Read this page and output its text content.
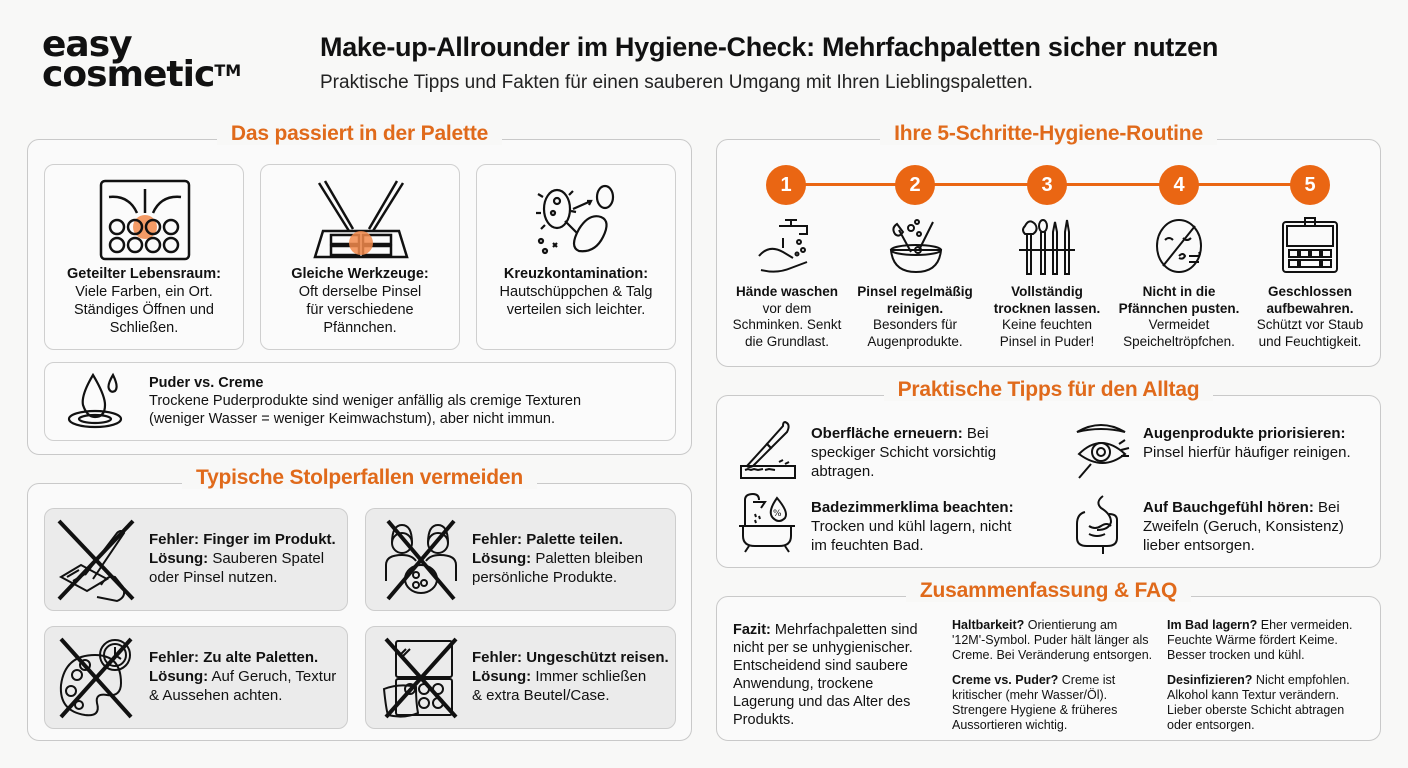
easy
cosmetic™
Make-up-Allrounder im Hygiene-Check: Mehrfachpaletten sicher nutzen
Praktische Tipps und Fakten für einen sauberen Umgang mit Ihren Lieblingspaletten.
Das passiert in der Palette
Geteilter Lebensraum:
Viele Farben, ein Ort.
Ständiges Öffnen und
Schließen.
Gleiche Werkzeuge:
Oft derselbe Pinsel
für verschiedene
Pfännchen.
Kreuzkontamination:
Hautschüppchen & Talg
verteilen sich leichter.
Puder vs. Creme
Trockene Puderprodukte sind weniger anfällig als cremige Texturen
(weniger Wasser = weniger Keimwachstum), aber nicht immun.
Typische Stolperfallen vermeiden
Fehler: Finger im Produkt.
Lösung: Sauberen Spatel
oder Pinsel nutzen.
Fehler: Palette teilen.
Lösung: Paletten bleiben
persönliche Produkte.
Fehler: Zu alte Paletten.
Lösung: Auf Geruch, Textur
& Aussehen achten.
Fehler: Ungeschützt reisen.
Lösung: Immer schließen
& extra Beutel/Case.
Ihre 5-Schritte-Hygiene-Routine
1
Hände waschen
vor dem
Schminken. Senkt
die Grundlast.
2
Pinsel regelmäßig
reinigen.
Besonders für
Augenprodukte.
3
Vollständig
trocknen lassen.
Keine feuchten
Pinsel in Puder!
4
Nicht in die
Pfännchen pusten.
Vermeidet
Speicheltröpfchen.
5
Geschlossen
aufbewahren.
Schützt vor Staub
und Feuchtigkeit.
Praktische Tipps für den Alltag
Oberfläche erneuern: Bei
speckiger Schicht vorsichtig
abtragen.
Augenprodukte priorisieren:
Pinsel hierfür häufiger reinigen.
% Badezimmerklima beachten:
Trocken und kühl lagern, nicht
im feuchten Bad.
Auf Bauchgefühl hören: Bei
Zweifeln (Geruch, Konsistenz)
lieber entsorgen.
Zusammenfassung & FAQ
Fazit: Mehrfachpaletten sind
nicht per se unhygienischer.
Entscheidend sind saubere
Anwendung, trockene
Lagerung und das Alter des
Produkts.
Haltbarkeit? Orientierung am
'12M'-Symbol. Puder hält länger als
Creme. Bei Veränderung entsorgen.
Creme vs. Puder? Creme ist
kritischer (mehr Wasser/Öl).
Strengere Hygiene & früheres
Aussortieren wichtig.
Im Bad lagern? Eher vermeiden.
Feuchte Wärme fördert Keime.
Besser trocken und kühl.
Desinfizieren? Nicht empfohlen.
Alkohol kann Textur verändern.
Lieber oberste Schicht abtragen
oder entsorgen.
